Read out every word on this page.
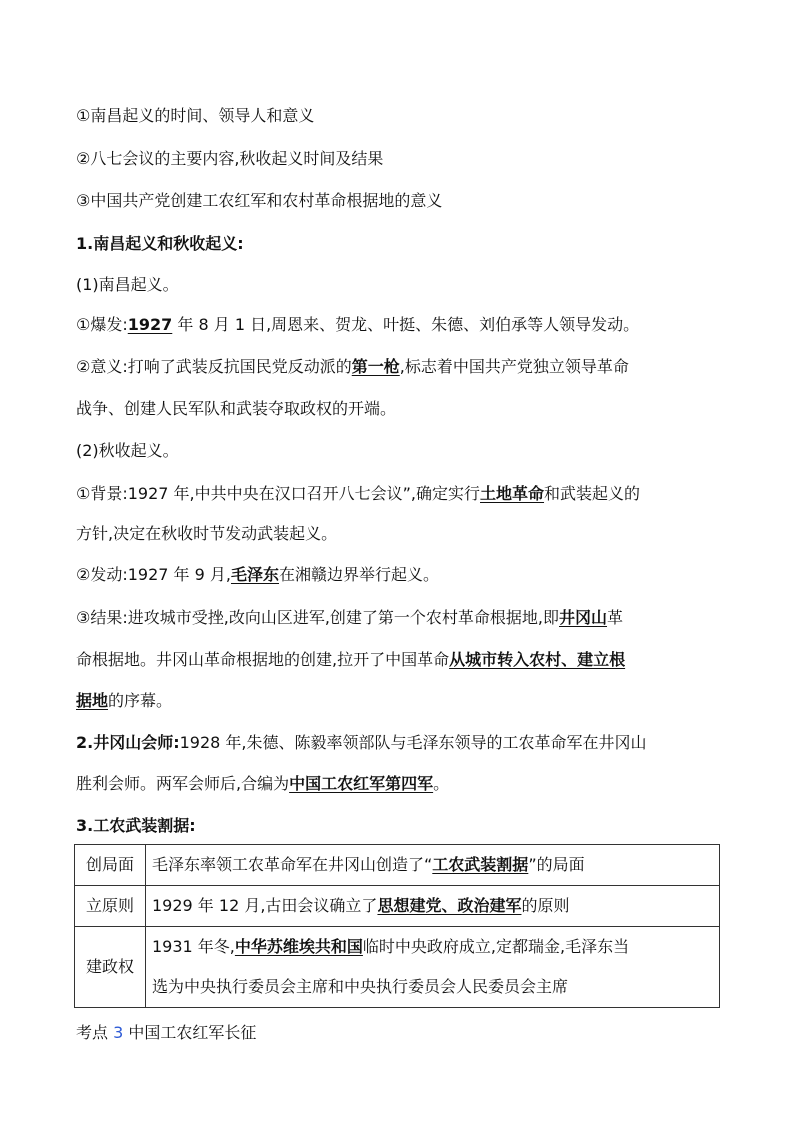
①南昌起义的时间、领导人和意义
②八七会议的主要内容,秋收起义时间及结果
③中国共产党创建工农红军和农村革命根据地的意义
1.南昌起义和秋收起义:
(1)南昌起义。
①爆发:1927 年 8 月 1 日,周恩来、贺龙、叶挺、朱德、刘伯承等人领导发动。
②意义:打响了武装反抗国民党反动派的第一枪,标志着中国共产党独立领导革命
战争、创建人民军队和武装夺取政权的开端。
(2)秋收起义。
①背景:1927 年,中共中央在汉口召开八七会议”,确定实行土地革命和武装起义的
方针,决定在秋收时节发动武装起义。
②发动:1927 年 9 月,毛泽东在湘赣边界举行起义。
③结果:进攻城市受挫,改向山区进军,创建了第一个农村革命根据地,即井冈山革
命根据地。井冈山革命根据地的创建,拉开了中国革命从城市转入农村、建立根
据地的序幕。
2.井冈山会师:1928 年,朱德、陈毅率领部队与毛泽东领导的工农革命军在井冈山
胜利会师。两军会师后,合编为中国工农红军第四军。
3.工农武装割据:
创局面	毛泽东率领工农革命军在井冈山创造了“工农武装割据”的局面
立原则	1929 年 12 月,古田会议确立了思想建党、政治建军的原则
建政权	1931 年冬,中华苏维埃共和国临时中央政府成立,定都瑞金,毛泽东当
选为中央执行委员会主席和中央执行委员会人民委员会主席
考点 3 中国工农红军长征
